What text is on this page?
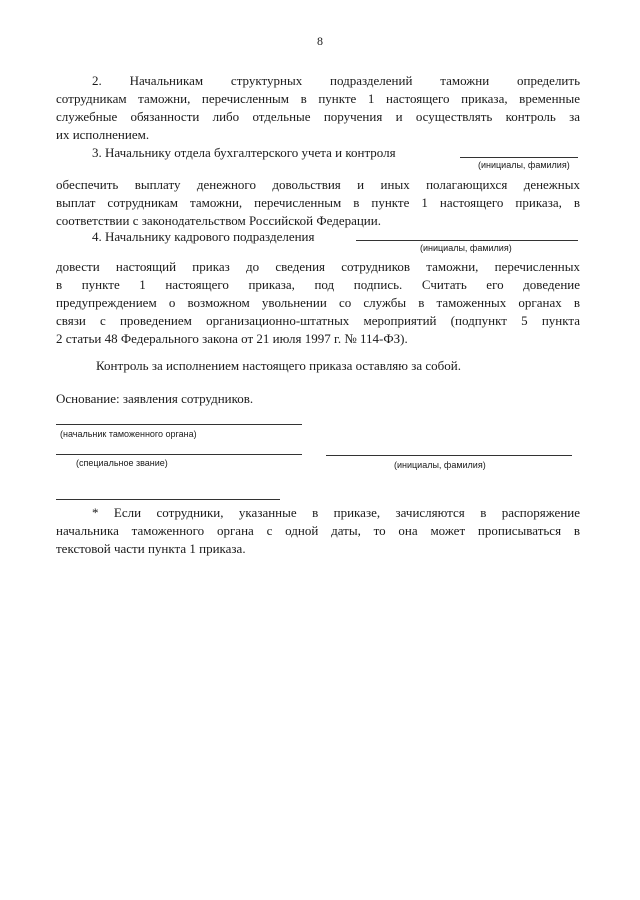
8
2. Начальникам структурных подразделений таможни определить
сотрудникам таможни, перечисленным в пункте 1 настоящего приказа, временные
служебные обязанности либо отдельные поручения и осуществлять контроль за
их исполнением.
3. Начальнику отдела бухгалтерского учета и контроля
(инициалы, фамилия)
обеспечить выплату денежного довольствия и иных полагающихся денежных
выплат сотрудникам таможни, перечисленным в пункте 1 настоящего приказа, в
соответствии с законодательством Российской Федерации.
4. Начальнику кадрового подразделения
(инициалы, фамилия)
довести настоящий приказ до сведения сотрудников таможни, перечисленных
в пункте 1 настоящего приказа, под подпись. Считать его доведение
предупреждением о возможном увольнении со службы в таможенных органах в
связи с проведением организационно-штатных мероприятий (подпункт 5 пункта
2 статьи 48 Федерального закона от 21 июля 1997 г. № 114-ФЗ).
Контроль за исполнением настоящего приказа оставляю за собой.
Основание: заявления сотрудников.
(начальник таможенного органа)
(специальное звание)	(инициалы, фамилия)
* Если сотрудники, указанные в приказе, зачисляются в распоряжение
начальника таможенного органа с одной даты, то она может прописываться в
текстовой части пункта 1 приказа.
